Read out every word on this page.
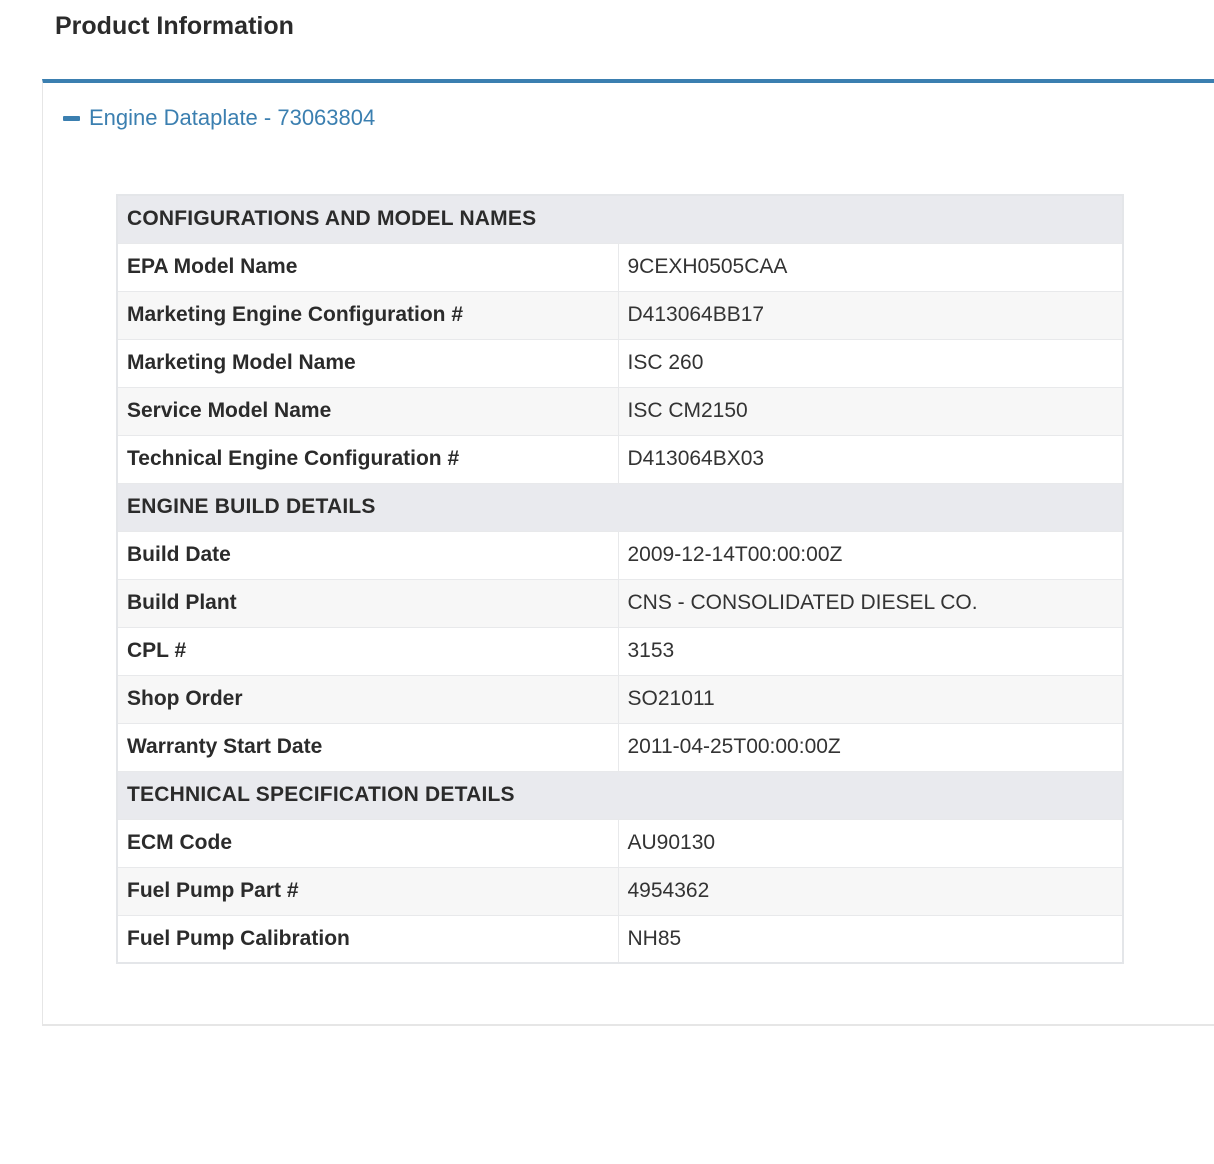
Product Information
Engine Dataplate - 73063804
CONFIGURATIONS AND MODEL NAMES	
EPA Model Name	9CEXH0505CAA
Marketing Engine Configuration #	D413064BB17
Marketing Model Name	ISC 260
Service Model Name	ISC CM2150
Technical Engine Configuration #	D413064BX03
ENGINE BUILD DETAILS	
Build Date	2009-12-14T00:00:00Z
Build Plant	CNS - CONSOLIDATED DIESEL CO.
CPL #	3153
Shop Order	SO21011
Warranty Start Date	2011-04-25T00:00:00Z
TECHNICAL SPECIFICATION DETAILS	
ECM Code	AU90130
Fuel Pump Part #	4954362
Fuel Pump Calibration	NH85
